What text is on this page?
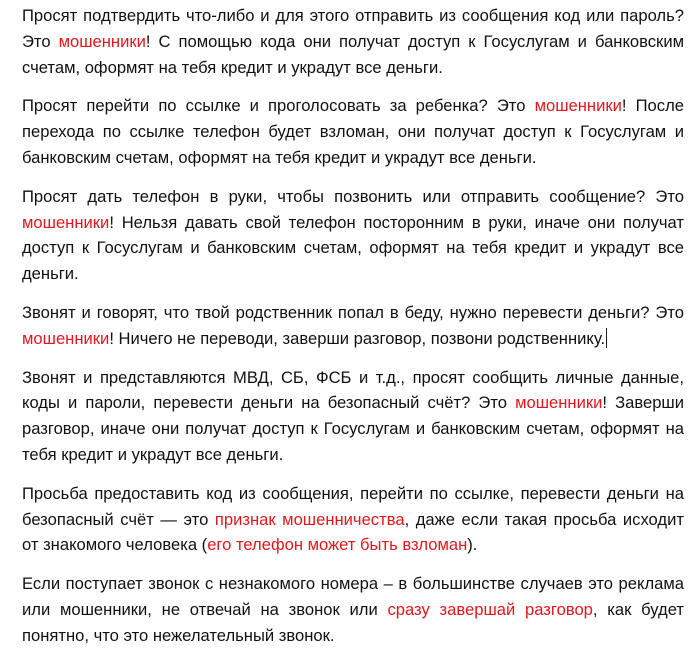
Просят подтвердить что-либо и для этого отправить из сообщения код или пароль? Это мошенники! С помощью кода они получат доступ к Госуслугам и банковским счетам, оформят на тебя кредит и украдут все деньги.

Просят перейти по ссылке и проголосовать за ребенка? Это мошенники! После перехода по ссылке телефон будет взломан, они получат доступ к Госуслугам и банковским счетам, оформят на тебя кредит и украдут все деньги.

Просят дать телефон в руки, чтобы позвонить или отправить сообщение? Это мошенники! Нельзя давать свой телефон посторонним в руки, иначе они получат доступ к Госуслугам и банковским счетам, оформят на тебя кредит и украдут все деньги.

Звонят и говорят, что твой родственник попал в беду, нужно перевести деньги? Это мошенники! Ничего не переводи, заверши разговор, позвони родственнику.

Звонят и представляются МВД, СБ, ФСБ и т.д., просят сообщить личные данные, коды и пароли, перевести деньги на безопасный счёт? Это мошенники! Заверши разговор, иначе они получат доступ к Госуслугам и банковским счетам, оформят на тебя кредит и украдут все деньги.

Просьба предоставить код из сообщения, перейти по ссылке, перевести деньги на безопасный счёт — это признак мошенничества, даже если такая просьба исходит от знакомого человека (его телефон может быть взломан).

Если поступает звонок с незнакомого номера – в большинстве случаев это реклама или мошенники, не отвечай на звонок или сразу завершай разговор, как будет понятно, что это нежелательный звонок.
